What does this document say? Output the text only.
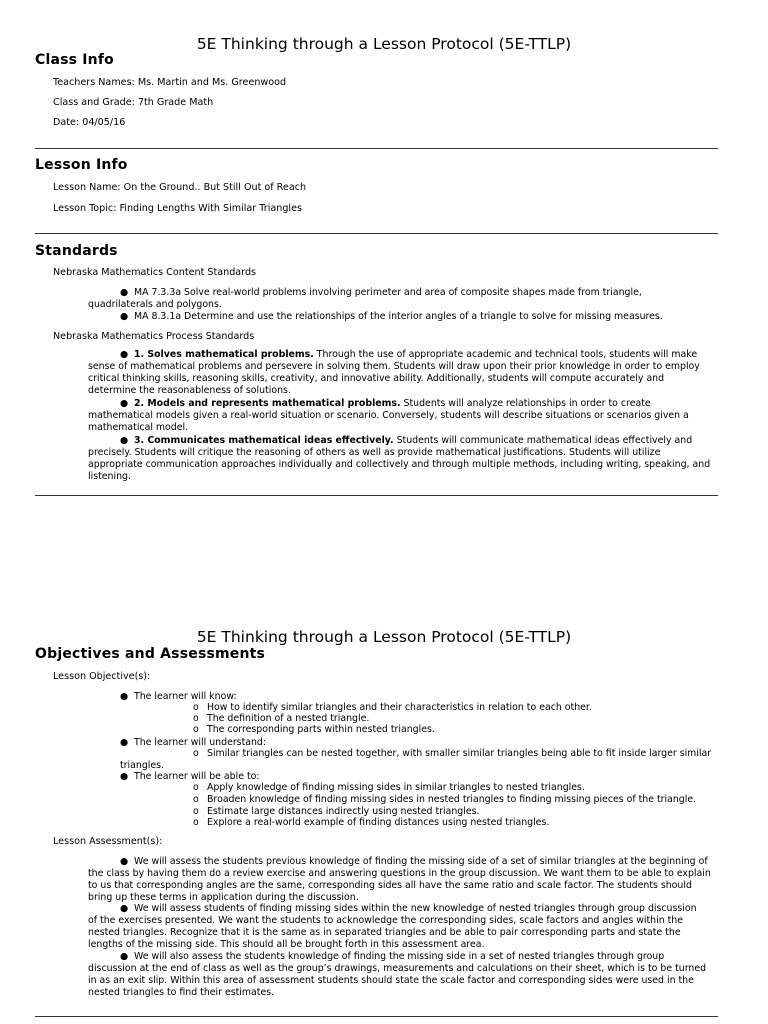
5E Thinking through a Lesson Protocol (5E-TTLP)
Class Info
Teachers Names: Ms. Martin and Ms. Greenwood
Class and Grade: 7th Grade Math
Date: 04/05/16
Lesson Info
Lesson Name: On the Ground.. But Still Out of Reach
Lesson Topic: Finding Lengths With Similar Triangles
Standards
Nebraska Mathematics Content Standards
● MA 7.3.3a Solve real-world problems involving perimeter and area of composite shapes made from triangle,
quadrilaterals and polygons.
● MA 8.3.1a Determine and use the relationships of the interior angles of a triangle to solve for missing measures.
Nebraska Mathematics Process Standards
● 1. Solves mathematical problems. Through the use of appropriate academic and technical tools, students will make
sense of mathematical problems and persevere in solving them. Students will draw upon their prior knowledge in order to employ
critical thinking skills, reasoning skills, creativity, and innovative ability. Additionally, students will compute accurately and
determine the reasonableness of solutions.
● 2. Models and represents mathematical problems. Students will analyze relationships in order to create
mathematical models given a real-world situation or scenario. Conversely, students will describe situations or scenarios given a
mathematical model.
● 3. Communicates mathematical ideas effectively. Students will communicate mathematical ideas effectively and
precisely. Students will critique the reasoning of others as well as provide mathematical justifications. Students will utilize
appropriate communication approaches individually and collectively and through multiple methods, including writing, speaking, and
listening.
5E Thinking through a Lesson Protocol (5E-TTLP)
Objectives and Assessments
Lesson Objective(s):
● The learner will know:
o How to identify similar triangles and their characteristics in relation to each other.
o The definition of a nested triangle.
o The corresponding parts within nested triangles.
● The learner will understand:
o Similar triangles can be nested together, with smaller similar triangles being able to fit inside larger similar
triangles.
● The learner will be able to:
o Apply knowledge of finding missing sides in similar triangles to nested triangles.
o Broaden knowledge of finding missing sides in nested triangles to finding missing pieces of the triangle.
o Estimate large distances indirectly using nested triangles.
o Explore a real-world example of finding distances using nested triangles.
Lesson Assessment(s):
● We will assess the students previous knowledge of finding the missing side of a set of similar triangles at the beginning of
the class by having them do a review exercise and answering questions in the group discussion. We want them to be able to explain
to us that corresponding angles are the same, corresponding sides all have the same ratio and scale factor. The students should
bring up these terms in application during the discussion.
● We will assess students of finding missing sides within the new knowledge of nested triangles through group discussion
of the exercises presented. We want the students to acknowledge the corresponding sides, scale factors and angles within the
nested triangles. Recognize that it is the same as in separated triangles and be able to pair corresponding parts and state the
lengths of the missing side. This should all be brought forth in this assessment area.
● We will also assess the students knowledge of finding the missing side in a set of nested triangles through group
discussion at the end of class as well as the group’s drawings, measurements and calculations on their sheet, which is to be turned
in as an exit slip. Within this area of assessment students should state the scale factor and corresponding sides were used in the
nested triangles to find their estimates.
